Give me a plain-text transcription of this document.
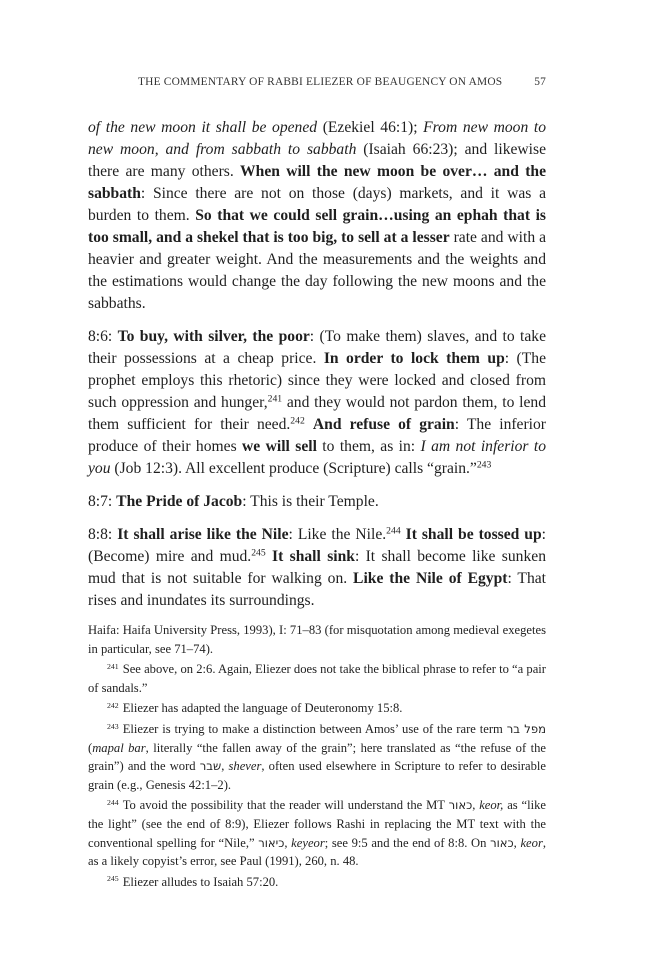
THE COMMENTARY OF RABBI ELIEZER OF BEAUGENCY ON AMOS	57

of the new moon it shall be opened (Ezekiel 46:1); From new moon to new moon, and from sabbath to sabbath (Isaiah 66:23); and likewise there are many others. When will the new moon be over… and the sabbath: Since there are not on those (days) markets, and it was a burden to them. So that we could sell grain…using an ephah that is too small, and a shekel that is too big, to sell at a lesser rate and with a heavier and greater weight. And the measurements and the weights and the estimations would change the day following the new moons and the sabbaths.

8:6: To buy, with silver, the poor: (To make them) slaves, and to take their possessions at a cheap price. In order to lock them up: (The prophet employs this rhetoric) since they were locked and closed from such oppression and hunger,$^{241}$ and they would not pardon them, to lend them sufficient for their need.$^{242}$ And refuse of grain: The inferior produce of their homes we will sell to them, as in: I am not inferior to you (Job 12:3). All excellent produce (Scripture) calls “grain.”$^{243}$

8:7: The Pride of Jacob: This is their Temple.

8:8: It shall arise like the Nile: Like the Nile.$^{244}$ It shall be tossed up: (Become) mire and mud.$^{245}$ It shall sink: It shall become like sunken mud that is not suitable for walking on. Like the Nile of Egypt: That rises and inundates its surroundings.

Haifa: Haifa University Press, 1993), I: 71–83 (for misquotation among medieval exegetes in particular, see 71–74).

$^{241}$ See above, on 2:6. Again, Eliezer does not take the biblical phrase to refer to “a pair of sandals.”

$^{242}$ Eliezer has adapted the language of Deuteronomy 15:8.

$^{243}$ Eliezer is trying to make a distinction between Amos’ use of the rare term מפל בר (mapal bar, literally “the fallen away of the grain”; here translated as “the refuse of the grain”) and the word שבר, shever, often used elsewhere in Scripture to refer to desirable grain (e.g., Genesis 42:1–2).

$^{244}$ To avoid the possibility that the reader will understand the MT כאור, keor, as “like the light” (see the end of 8:9), Eliezer follows Rashi in replacing the MT text with the conventional spelling for “Nile,” כיאור, keyeor; see 9:5 and the end of 8:8. On כאור, keor, as a likely copyist’s error, see Paul (1991), 260, n. 48.

$^{245}$ Eliezer alludes to Isaiah 57:20.
